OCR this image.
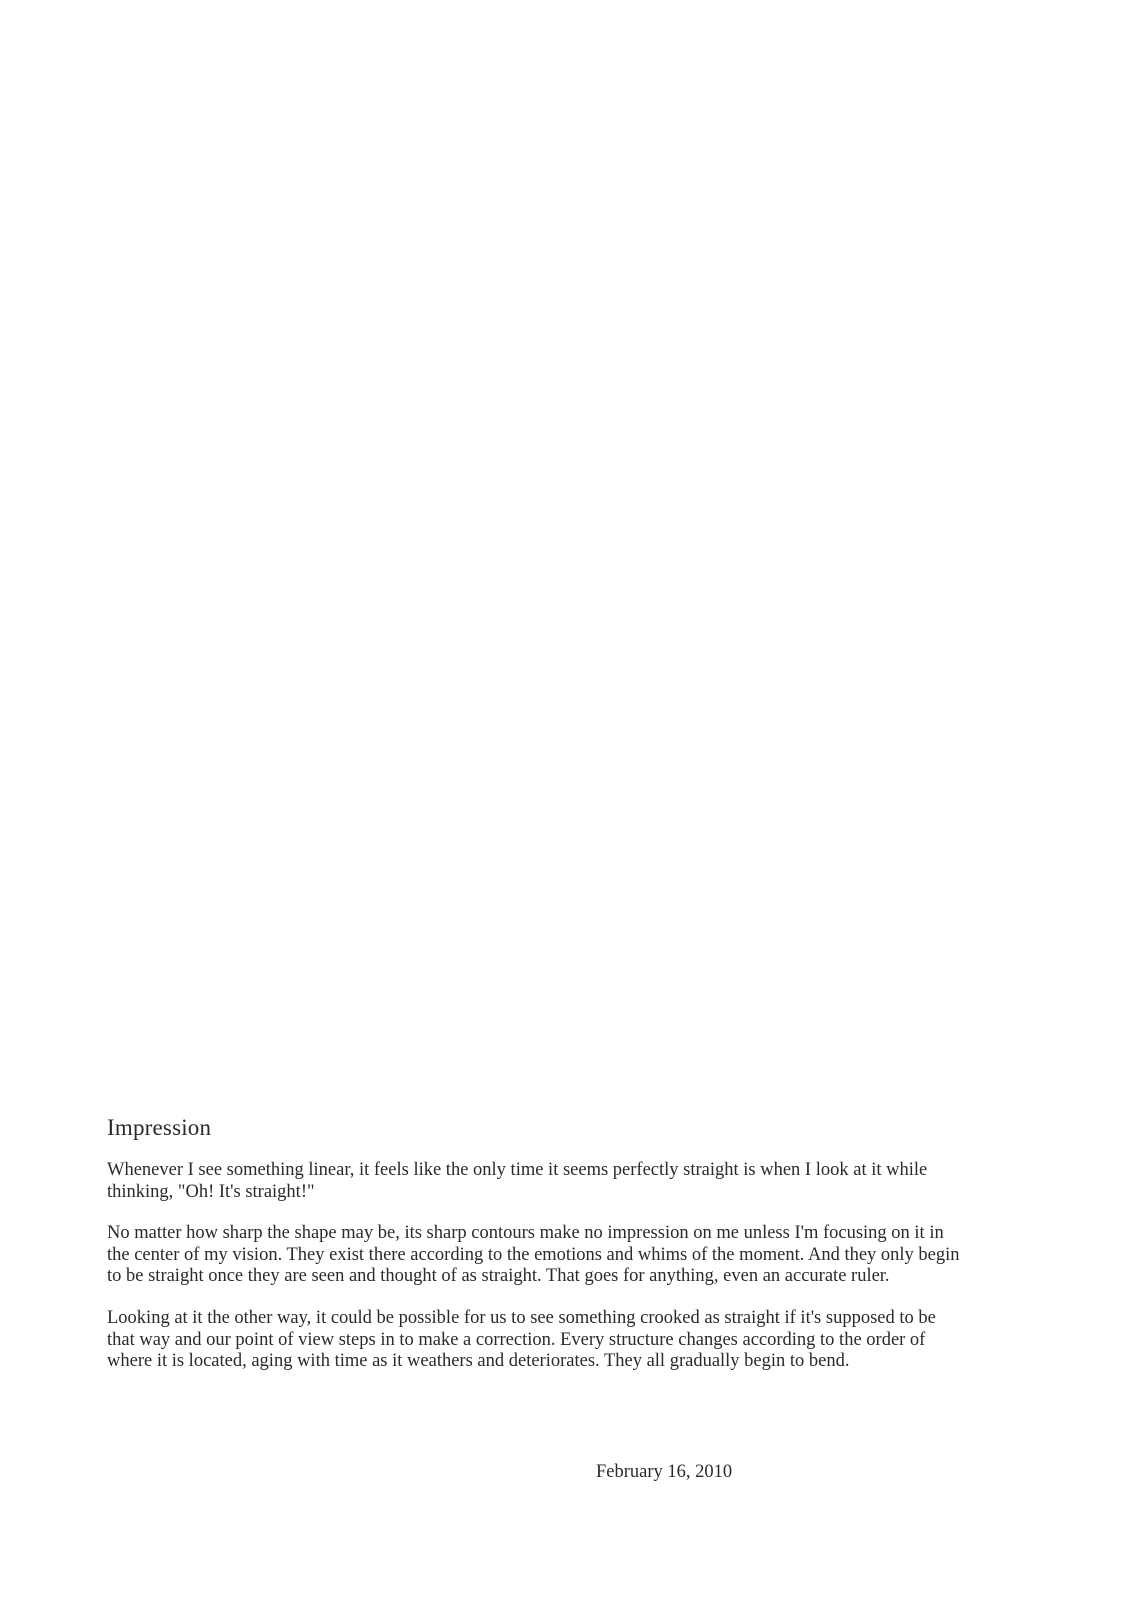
Impression

Whenever I see something linear, it feels like the only time it seems perfectly straight is when I look at it while thinking, "Oh! It's straight!"

No matter how sharp the shape may be, its sharp contours make no impression on me unless I'm focusing on it in the center of my vision. They exist there according to the emotions and whims of the moment. And they only begin to be straight once they are seen and thought of as straight. That goes for anything, even an accurate ruler.

Looking at it the other way, it could be possible for us to see something crooked as straight if it's supposed to be that way and our point of view steps in to make a correction. Every structure changes according to the order of where it is located, aging with time as it weathers and deteriorates. They all gradually begin to bend.

February 16, 2010
